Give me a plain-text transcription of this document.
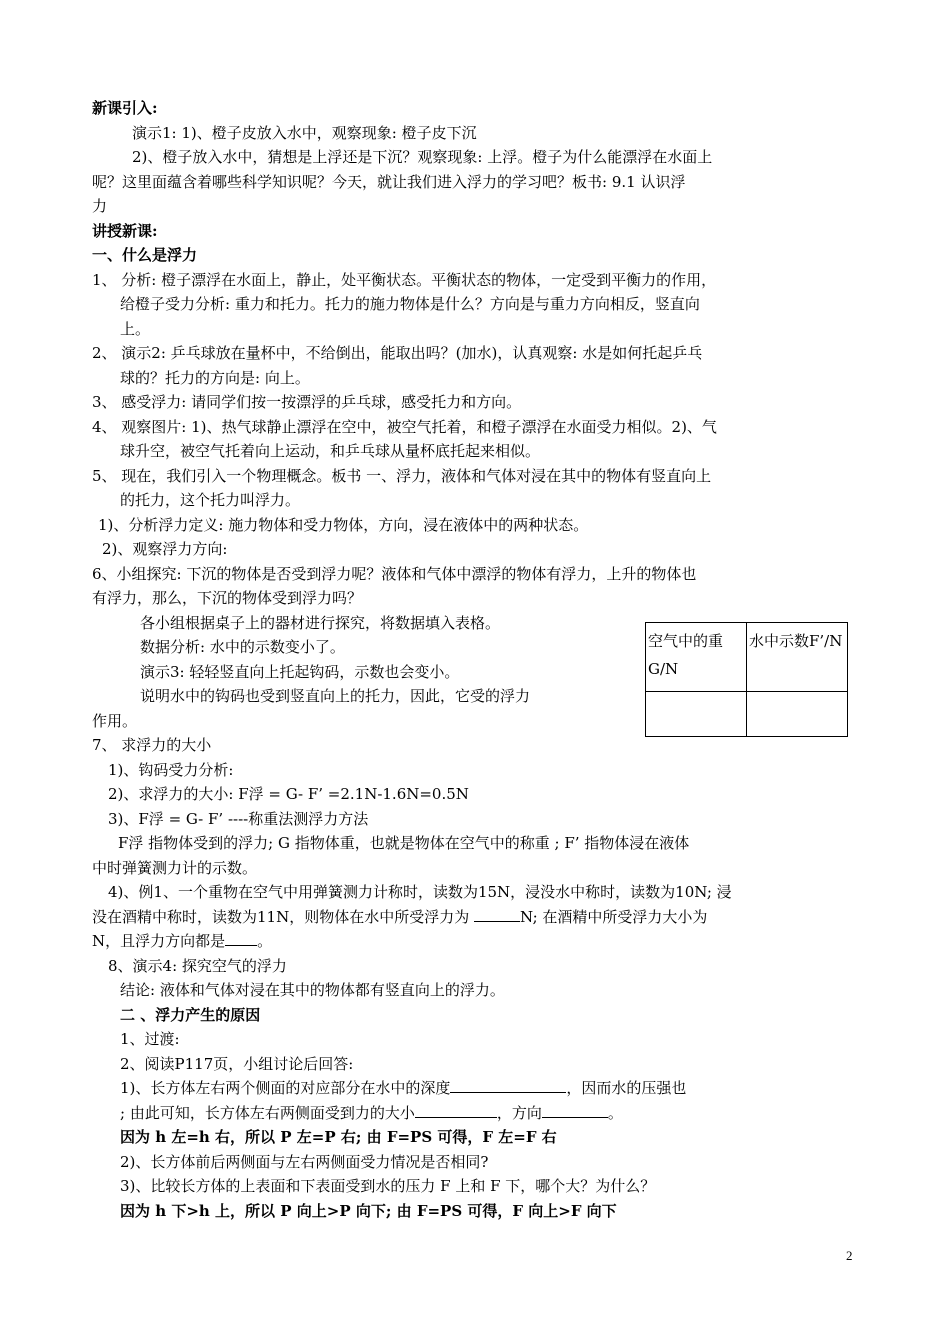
新课引入:
演示1: 1)、橙子皮放入水中，观察现象: 橙子皮下沉
2)、橙子放入水中，猜想是上浮还是下沉？观察现象: 上浮。橙子为什么能漂浮在水面上
呢？这里面蕴含着哪些科学知识呢？今天，就让我们进入浮力的学习吧？板书: 9.1 认识浮
力
讲授新课:
一、什么是浮力
1、 分析: 橙子漂浮在水面上，静止，处平衡状态。平衡状态的物体，一定受到平衡力的作用，
给橙子受力分析: 重力和托力。托力的施力物体是什么？方向是与重力方向相反，竖直向
上。
2、 演示2: 乒乓球放在量杯中，不给倒出，能取出吗？(加水)，认真观察: 水是如何托起乒乓
球的？托力的方向是: 向上。
3、 感受浮力: 请同学们按一按漂浮的乒乓球，感受托力和方向。
4、 观察图片: 1)、热气球静止漂浮在空中，被空气托着，和橙子漂浮在水面受力相似。2)、气
球升空，被空气托着向上运动，和乒乓球从量杯底托起来相似。
5、 现在，我们引入一个物理概念。板书 一、浮力，液体和气体对浸在其中的物体有竖直向上
的托力，这个托力叫浮力。
1)、分析浮力定义: 施力物体和受力物体，方向，浸在液体中的两种状态。
2)、观察浮力方向:
6、小组探究: 下沉的物体是否受到浮力呢？液体和气体中漂浮的物体有浮力，上升的物体也
有浮力，那么，下沉的物体受到浮力吗？
各小组根据桌子上的器材进行探究，将数据填入表格。
数据分析: 水中的示数变小了。
演示3: 轻轻竖直向上托起钩码，示数也会变小。
说明水中的钩码也受到竖直向上的托力，因此，它受的浮力
作用。
7、 求浮力的大小
1)、钩码受力分析:
2)、求浮力的大小: F浮 = G- F’ =2.1N-1.6N=0.5N
3)、F浮 = G- F’ ----称重法测浮力方法
F浮 指物体受到的浮力; G 指物体重，也就是物体在空气中的称重 ; F’ 指物体浸在液体
中时弹簧测力计的示数。
4)、例1、一个重物在空气中用弹簧测力计称时，读数为15N，浸没水中称时，读数为10N; 浸
没在酒精中称时，读数为11N，则物体在水中所受浮力为	N; 在酒精中所受浮力大小为
N，且浮力方向都是 。
8、演示4: 探究空气的浮力
结论: 液体和气体对浸在其中的物体都有竖直向上的浮力。
二 、浮力产生的原因
1、过渡:
2、阅读P117页，小组讨论后回答:
1)、长方体左右两个侧面的对应部分在水中的深度	，因而水的压强也
; 由此可知，长方体左右两侧面受到力的大小	，方向	。
因为 h 左=h 右，所以 P 左=P 右; 由 F=PS 可得，F 左=F 右
2)、长方体前后两侧面与左右两侧面受力情况是否相同?
3)、比较长方体的上表面和下表面受到水的压力 F 上和 F 下，哪个大？为什么？
因为 h 下>h 上，所以 P 向上>P 向下; 由 F=PS 可得，F 向上>F 向下
空气中的重G/N	水中示数F’/N

2
